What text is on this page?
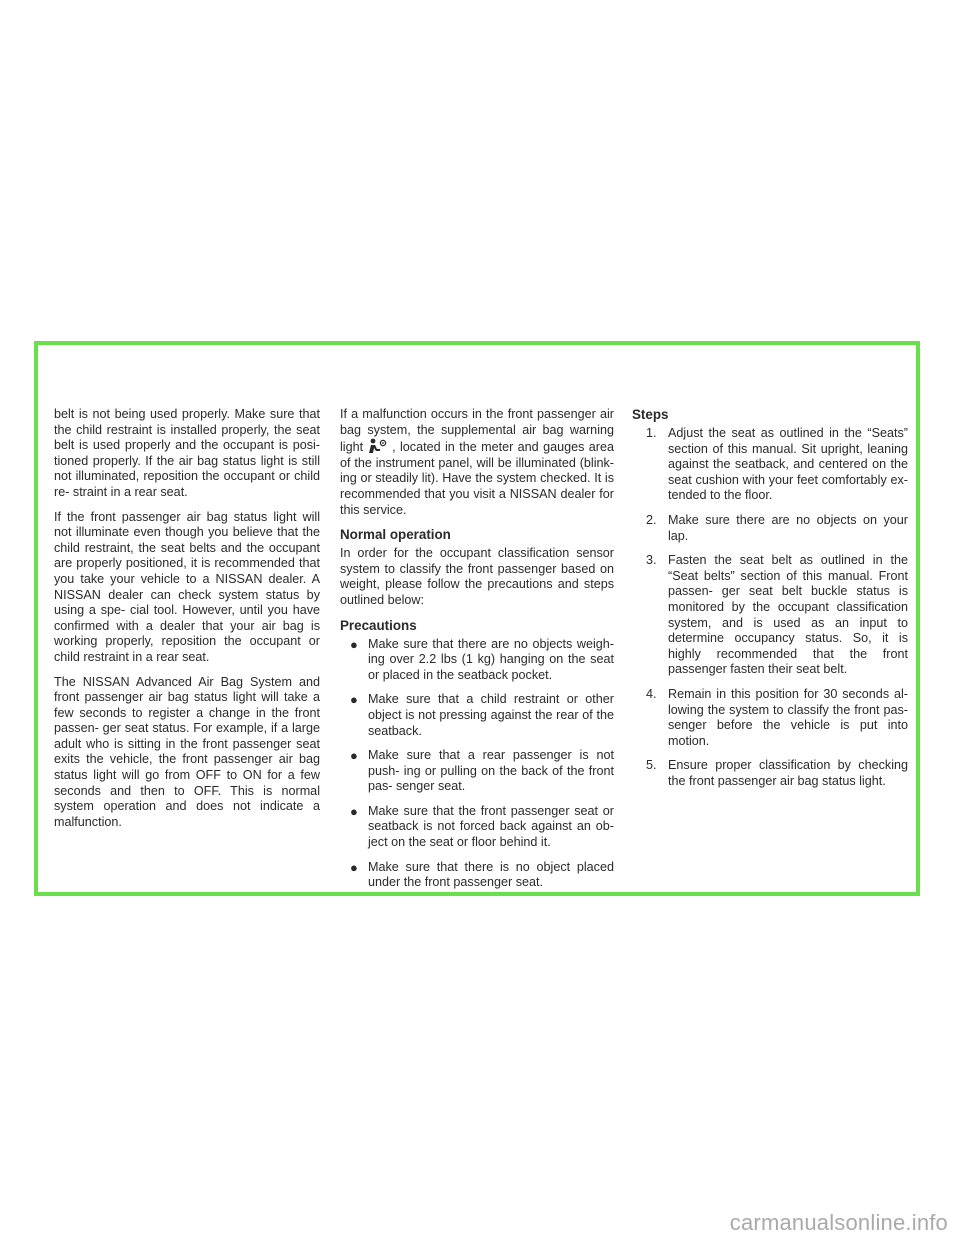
belt is not being used properly. Make sure that the child restraint is installed properly, the seat belt is used properly and the occupant is posi- tioned properly. If the air bag status light is still not illuminated, reposition the occupant or child re- straint in a rear seat.

If the front passenger air bag status light will not illuminate even though you believe that the child restraint, the seat belts and the occupant are properly positioned, it is recommended that you take your vehicle to a NISSAN dealer. A NISSAN dealer can check system status by using a spe- cial tool. However, until you have confirmed with a dealer that your air bag is working properly, reposition the occupant or child restraint in a rear seat.

The NISSAN Advanced Air Bag System and front passenger air bag status light will take a few seconds to register a change in the front passen- ger seat status. For example, if a large adult who is sitting in the front passenger seat exits the vehicle, the front passenger air bag status light will go from OFF to ON for a few seconds and then to OFF. This is normal system operation and does not indicate a malfunction.

If a malfunction occurs in the front passenger air bag system, the supplemental air bag warning light , located in the meter and gauges area of the instrument panel, will be illuminated (blink- ing or steadily lit). Have the system checked. It is recommended that you visit a NISSAN dealer for this service.

Normal operation

In order for the occupant classification sensor system to classify the front passenger based on weight, please follow the precautions and steps outlined below:

Precautions
● Make sure that there are no objects weigh- ing over 2.2 lbs (1 kg) hanging on the seat or placed in the seatback pocket.
● Make sure that a child restraint or other object is not pressing against the rear of the seatback.
● Make sure that a rear passenger is not push- ing or pulling on the back of the front pas- senger seat.
● Make sure that the front passenger seat or seatback is not forced back against an ob- ject on the seat or floor behind it.
● Make sure that there is no object placed under the front passenger seat.
Steps
1. Adjust the seat as outlined in the “Seats” section of this manual. Sit upright, leaning against the seatback, and centered on the seat cushion with your feet comfortably ex- tended to the floor.
2. Make sure there are no objects on your lap.
3. Fasten the seat belt as outlined in the “Seat belts” section of this manual. Front passen- ger seat belt buckle status is monitored by the occupant classification system, and is used as an input to determine occupancy status. So, it is highly recommended that the front passenger fasten their seat belt.
4. Remain in this position for 30 seconds al- lowing the system to classify the front pas- senger before the vehicle is put into motion.
5. Ensure proper classification by checking the front passenger air bag status light.
carmanualsonline.info
